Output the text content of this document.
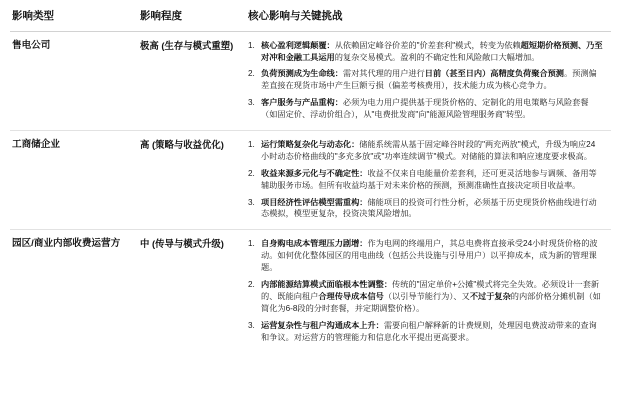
影响类型	影响程度	核心影响与关键挑战

售电公司	极高 (生存与模式重塑)	1. 核心盈利逻辑颠覆：从依赖固定峰谷价差的"价差套利"模式，转变为依赖超短期价格预测、乃至对冲和金融工具运用的复杂交易模式。盈利的不确定性和风险敞口大幅增加。
2. 负荷预测成为生命线：需对其代理的用户进行日前（甚至日内）高精度负荷聚合预测。预测偏差直接在现货市场中产生巨额亏损（偏差考核费用），技术能力成为核心竞争力。
3. 客户服务与产品重构：必须为电力用户提供基于现货价格的、定制化的用电策略与风险套餐（如固定价、浮动价组合），从"电费批发商"向"能源风险管理服务商"转型。

工商储企业	高 (策略与收益优化)	1. 运行策略复杂化与动态化：储能系统需从基于固定峰谷时段的"两充两放"模式，升级为响应24小时动态价格曲线的"多充多放"或"功率连续调节"模式。对储能的算法和响应速度要求极高。
2. 收益来源多元化与不确定性：收益不仅来自电能量价差套利，还可更灵活地参与调频、备用等辅助服务市场。但所有收益均基于对未来价格的预测，预测准确性直接决定项目收益率。
3. 项目经济性评估模型需重构：储能项目的投资可行性分析，必须基于历史现货价格曲线进行动态模拟，模型更复杂，投资决策风险增加。

园区/商业内部收费运营方	中 (传导与模式升级)	1. 自身购电成本管理压力剧增：作为电网的终端用户，其总电费将直接承受24小时现货价格的波动。如何优化整体园区的用电曲线（包括公共设施与引导用户）以平抑成本，成为新的管理课题。
2. 内部能源结算模式面临根本性调整：传统的"固定单价+公摊"模式将完全失效。必须设计一套新的、既能向租户合理传导成本信号（以引导节能行为）、又不过于复杂的内部价格分摊机制（如简化为6-8段的分时套餐，并定期调整价格）。
3. 运营复杂性与租户沟通成本上升：需要向租户解释新的计费规则，处理因电费波动带来的查询和争议。对运营方的管理能力和信息化水平提出更高要求。
